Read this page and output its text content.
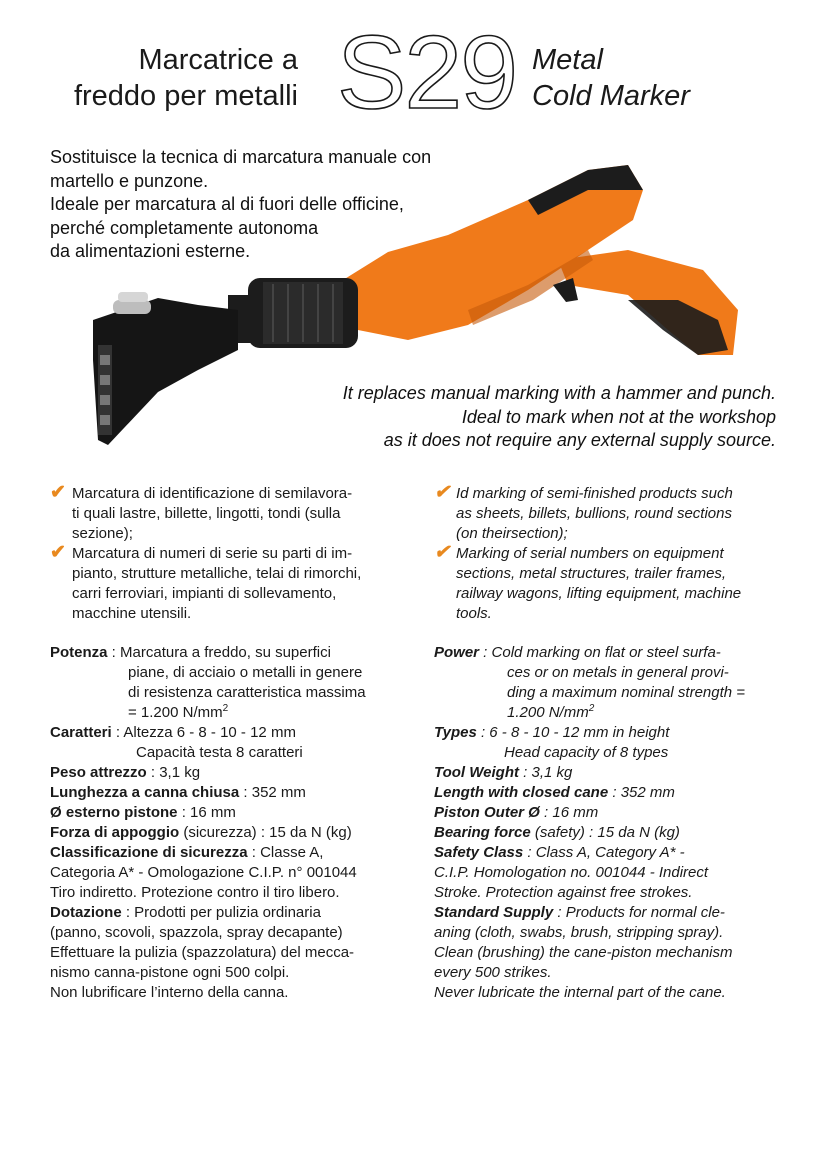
Marcatrice a
freddo per metalli S29 Metal
Cold Marker
Sostituisce la tecnica di marcatura manuale con
martello e punzone.
Ideale per marcatura al di fuori delle officine,
perché completamente autonoma
da alimentazioni esterne.
It replaces manual marking with a hammer and punch.
Ideal to mark when not at the workshop
as it does not require any external supply source.
✔ Marcatura di identificazione di semilavora-
ti quali lastre, billette, lingotti, tondi (sulla
sezione);
✔ Marcatura di numeri di serie su parti di im-
pianto, strutture metalliche, telai di rimorchi,
carri ferroviari, impianti di sollevamento,
macchine utensili.
✔ Id marking of semi-finished products such
as sheets, billets, bullions, round sections
(on theirsection);
✔ Marking of serial numbers on equipment
sections, metal structures, trailer frames,
railway wagons, lifting equipment, machine
tools.
Potenza : Marcatura a freddo, su superfici
piane, di acciaio o metalli in genere
di resistenza caratteristica massima
= 1.200 $N/mm^2$
Caratteri : Altezza 6 - 8 - 10 - 12 mm
Capacità testa 8 caratteri
Peso attrezzo : 3,1 kg
Lunghezza a canna chiusa : 352 mm
Ø esterno pistone : 16 mm
Forza di appoggio (sicurezza) : 15 da N (kg)
Classificazione di sicurezza : Classe A,
Categoria A* - Omologazione C.I.P. n° 001044
Tiro indiretto. Protezione contro il tiro libero.
Dotazione : Prodotti per pulizia ordinaria
(panno, scovoli, spazzola, spray decapante)
Effettuare la pulizia (spazzolatura) del mecca-
nismo canna-pistone ogni 500 colpi.
Non lubrificare l’interno della canna.
Power : Cold marking on flat or steel surfa-
ces or on metals in general provi-
ding a maximum nominal strength =
1.200 $N/mm^2$
Types : 6 - 8 - 10 - 12 mm in height
Head capacity of 8 types
Tool Weight : 3,1 kg
Length with closed cane : 352 mm
Piston Outer Ø : 16 mm
Bearing force (safety) : 15 da N (kg)
Safety Class : Class A, Category A* -
C.I.P. Homologation no. 001044 - Indirect
Stroke. Protection against free strokes.
Standard Supply : Products for normal cle-
aning (cloth, swabs, brush, stripping spray).
Clean (brushing) the cane-piston mechanism
every 500 strikes.
Never lubricate the internal part of the cane.
